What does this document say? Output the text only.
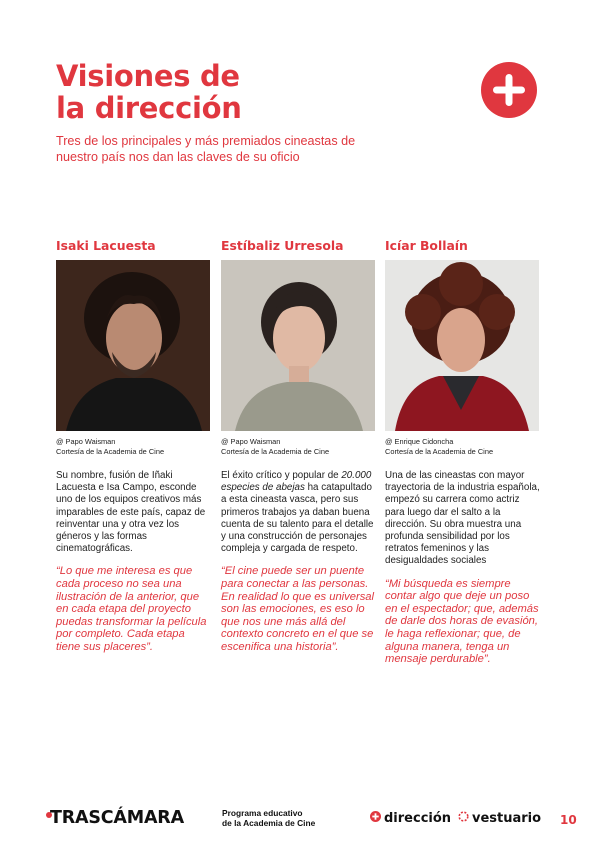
Visiones de
la dirección
Tres de los principales y más premiados cineastas de nuestro país nos dan las claves de su oficio
Isaki Lacuesta
@ Papo Waisman
Cortesía de la Academia de Cine
Su nombre, fusión de Iñaki Lacuesta e Isa Campo, esconde uno de los equipos creativos más imparables de este país, capaz de reinventar una y otra vez los géneros y las formas cinematográficas.
“Lo que me interesa es que cada proceso no sea una ilustración de la anterior, que en cada etapa del proyecto puedas transformar la película por completo. Cada etapa tiene sus placeres”.
Estíbaliz Urresola
@ Papo Waisman
Cortesía de la Academia de Cine
El éxito crítico y popular de 20.000 especies de abejas ha catapultado a esta cineasta vasca, pero sus primeros trabajos ya daban buena cuenta de su talento para el detalle y una construcción de personajes compleja y cargada de respeto.
“El cine puede ser un puente para conectar a las personas. En realidad lo que es universal son las emociones, es eso lo que nos une más allá del contexto concreto en el que se escenifica una historia”.
Icíar Bollaín
@ Enrique Cidoncha
Cortesía de la Academia de Cine
Una de las cineastas con mayor trayectoria de la industria española, empezó su carrera como actriz para luego dar el salto a la dirección. Su obra muestra una profunda sensibilidad por los retratos femeninos y las desigualdades sociales
“Mi búsqueda es siempre contar algo que deje un poso en el espectador; que, además de darle dos horas de evasión, le haga reflexionar; que, de alguna manera, tenga un mensaje perdurable”.
TRASCÁMARA	Programa educativo
de la Academia de Cine	dirección vestuario 10
